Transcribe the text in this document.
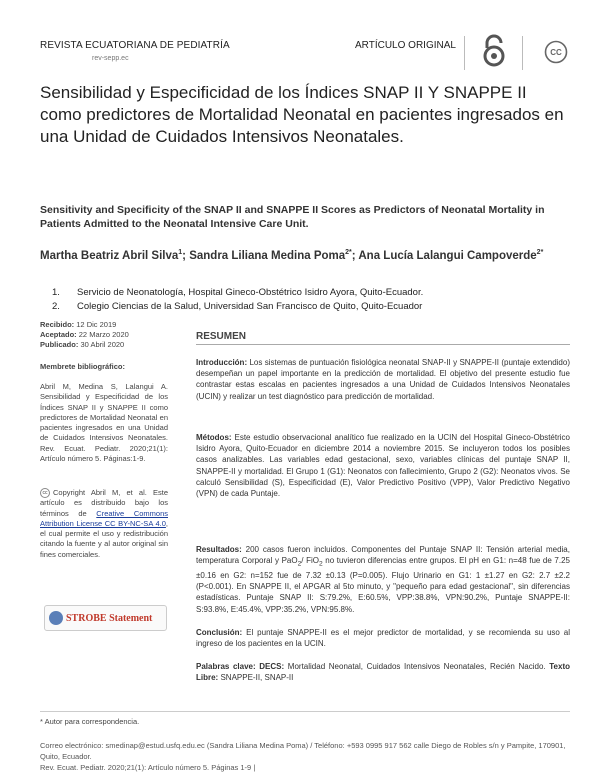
REVISTA ECUATORIANA DE PEDIATRÍA
rev-sepp.ec
ARTÍCULO ORIGINAL
CC
Sensibilidad y Especificidad de los Índices SNAP II Y SNAPPE II como predictores de Mortalidad Neonatal en pacientes ingresados en una Unidad de Cuidados Intensivos Neonatales.
Sensitivity and Specificity of the SNAP II and SNAPPE II Scores as Predictors of Neonatal Mortality in Patients Admitted to the Neonatal Intensive Care Unit.
Martha Beatriz Abril Silva$^1$; Sandra Liliana Medina Poma$^{2*}$; Ana Lucía Lalangui Campoverde$^{2*}$
1.	Servicio de Neonatología, Hospital Gineco-Obstétrico Isidro Ayora, Quito-Ecuador.
2.	Colegio Ciencias de la Salud, Universidad San Francisco de Quito, Quito-Ecuador
Recibido: 12 Dic 2019
Aceptado: 22 Marzo 2020
Publicado: 30 Abril 2020
Membrete bibliográfico:
Abril M, Medina S, Lalangui A. Sensibilidad y Especificidad de los Índices SNAP II y SNAPPE II como predictores de Mortalidad Neonatal en pacientes ingresados en una Unidad de Cuidados Intensivos Neonatales. Rev. Ecuat. Pediatr. 2020;21(1): Artículo número 5. Páginas:1-9.
cc Copyright Abril M, et al. Este artículo es distribuido bajo los términos de Creative Commons Attribution License CC BY-NC-SA 4.0, el cual permite el uso y redistribución citando la fuente y al autor original sin fines comerciales.
STROBE Statement
RESUMEN
Introducción: Los sistemas de puntuación fisiológica neonatal SNAP-II y SNAPPE-II (puntaje extendido) desempeñan un papel importante en la predicción de mortalidad. El objetivo del presente estudio fue contrastar estas escalas en pacientes ingresados a una Unidad de Cuidados Intensivos Neonatales (UCIN) y realizar un test diagnóstico para predicción de mortalidad.
Métodos: Este estudio observacional analítico fue realizado en la UCIN del Hospital Gineco-Obstétrico Isidro Ayora, Quito-Ecuador en diciembre 2014 a noviembre 2015. Se incluyeron todos los posibles casos analizables. Las variables edad gestacional, sexo, variables clínicas del puntaje SNAP II, SNAPPE-II y mortalidad. El Grupo 1 (G1): Neonatos con fallecimiento, Grupo 2 (G2): Neonatos vivos. Se calculó Sensibilidad (S), Especificidad (E), Valor Predictivo Positivo (VPP), Valor Predictivo Negativo (VPN) de cada Puntaje.
Resultados: 200 casos fueron incluidos. Componentes del Puntaje SNAP II: Tensión arterial media, temperatura Corporal y PaO$_2$/ FiO$_2$ no tuvieron diferencias entre grupos. El pH en G1: n=48 fue de 7.25 ±0.16 en G2: n=152 fue de 7.32 ±0.13 (P=0.005). Flujo Urinario en G1: 1 ±1.27 en G2: 2.7 ±2.2 (P<0.001). En SNAPPE II, el APGAR al 5to minuto, y "pequeño para edad gestacional", sin diferencias estadísticas. Puntaje SNAP II: S:79.2%, E:60.5%, VPP:38.8%, VPN:90.2%, Puntaje SNAPPE-II: S:93.8%, E:45.4%, VPP:35.2%, VPN:95.8%.
Conclusión: El puntaje SNAPPE-II es el mejor predictor de mortalidad, y se recomienda su uso al ingreso de los pacientes en la UCIN.
Palabras clave: DECS: Mortalidad Neonatal, Cuidados Intensivos Neonatales, Recién Nacido. Texto Libre: SNAPPE-II, SNAP-II
* Autor para correspondencia.
Correo electrónico: smedinap@estud.usfq.edu.ec (Sandra Liliana Medina Poma) / Teléfono: +593 0995 917 562 calle Diego de Robles s/n y Pampite, 170901, Quito, Ecuador.
Rev. Ecuat. Pediatr. 2020;21(1): Artículo número 5. Páginas 1-9 |
